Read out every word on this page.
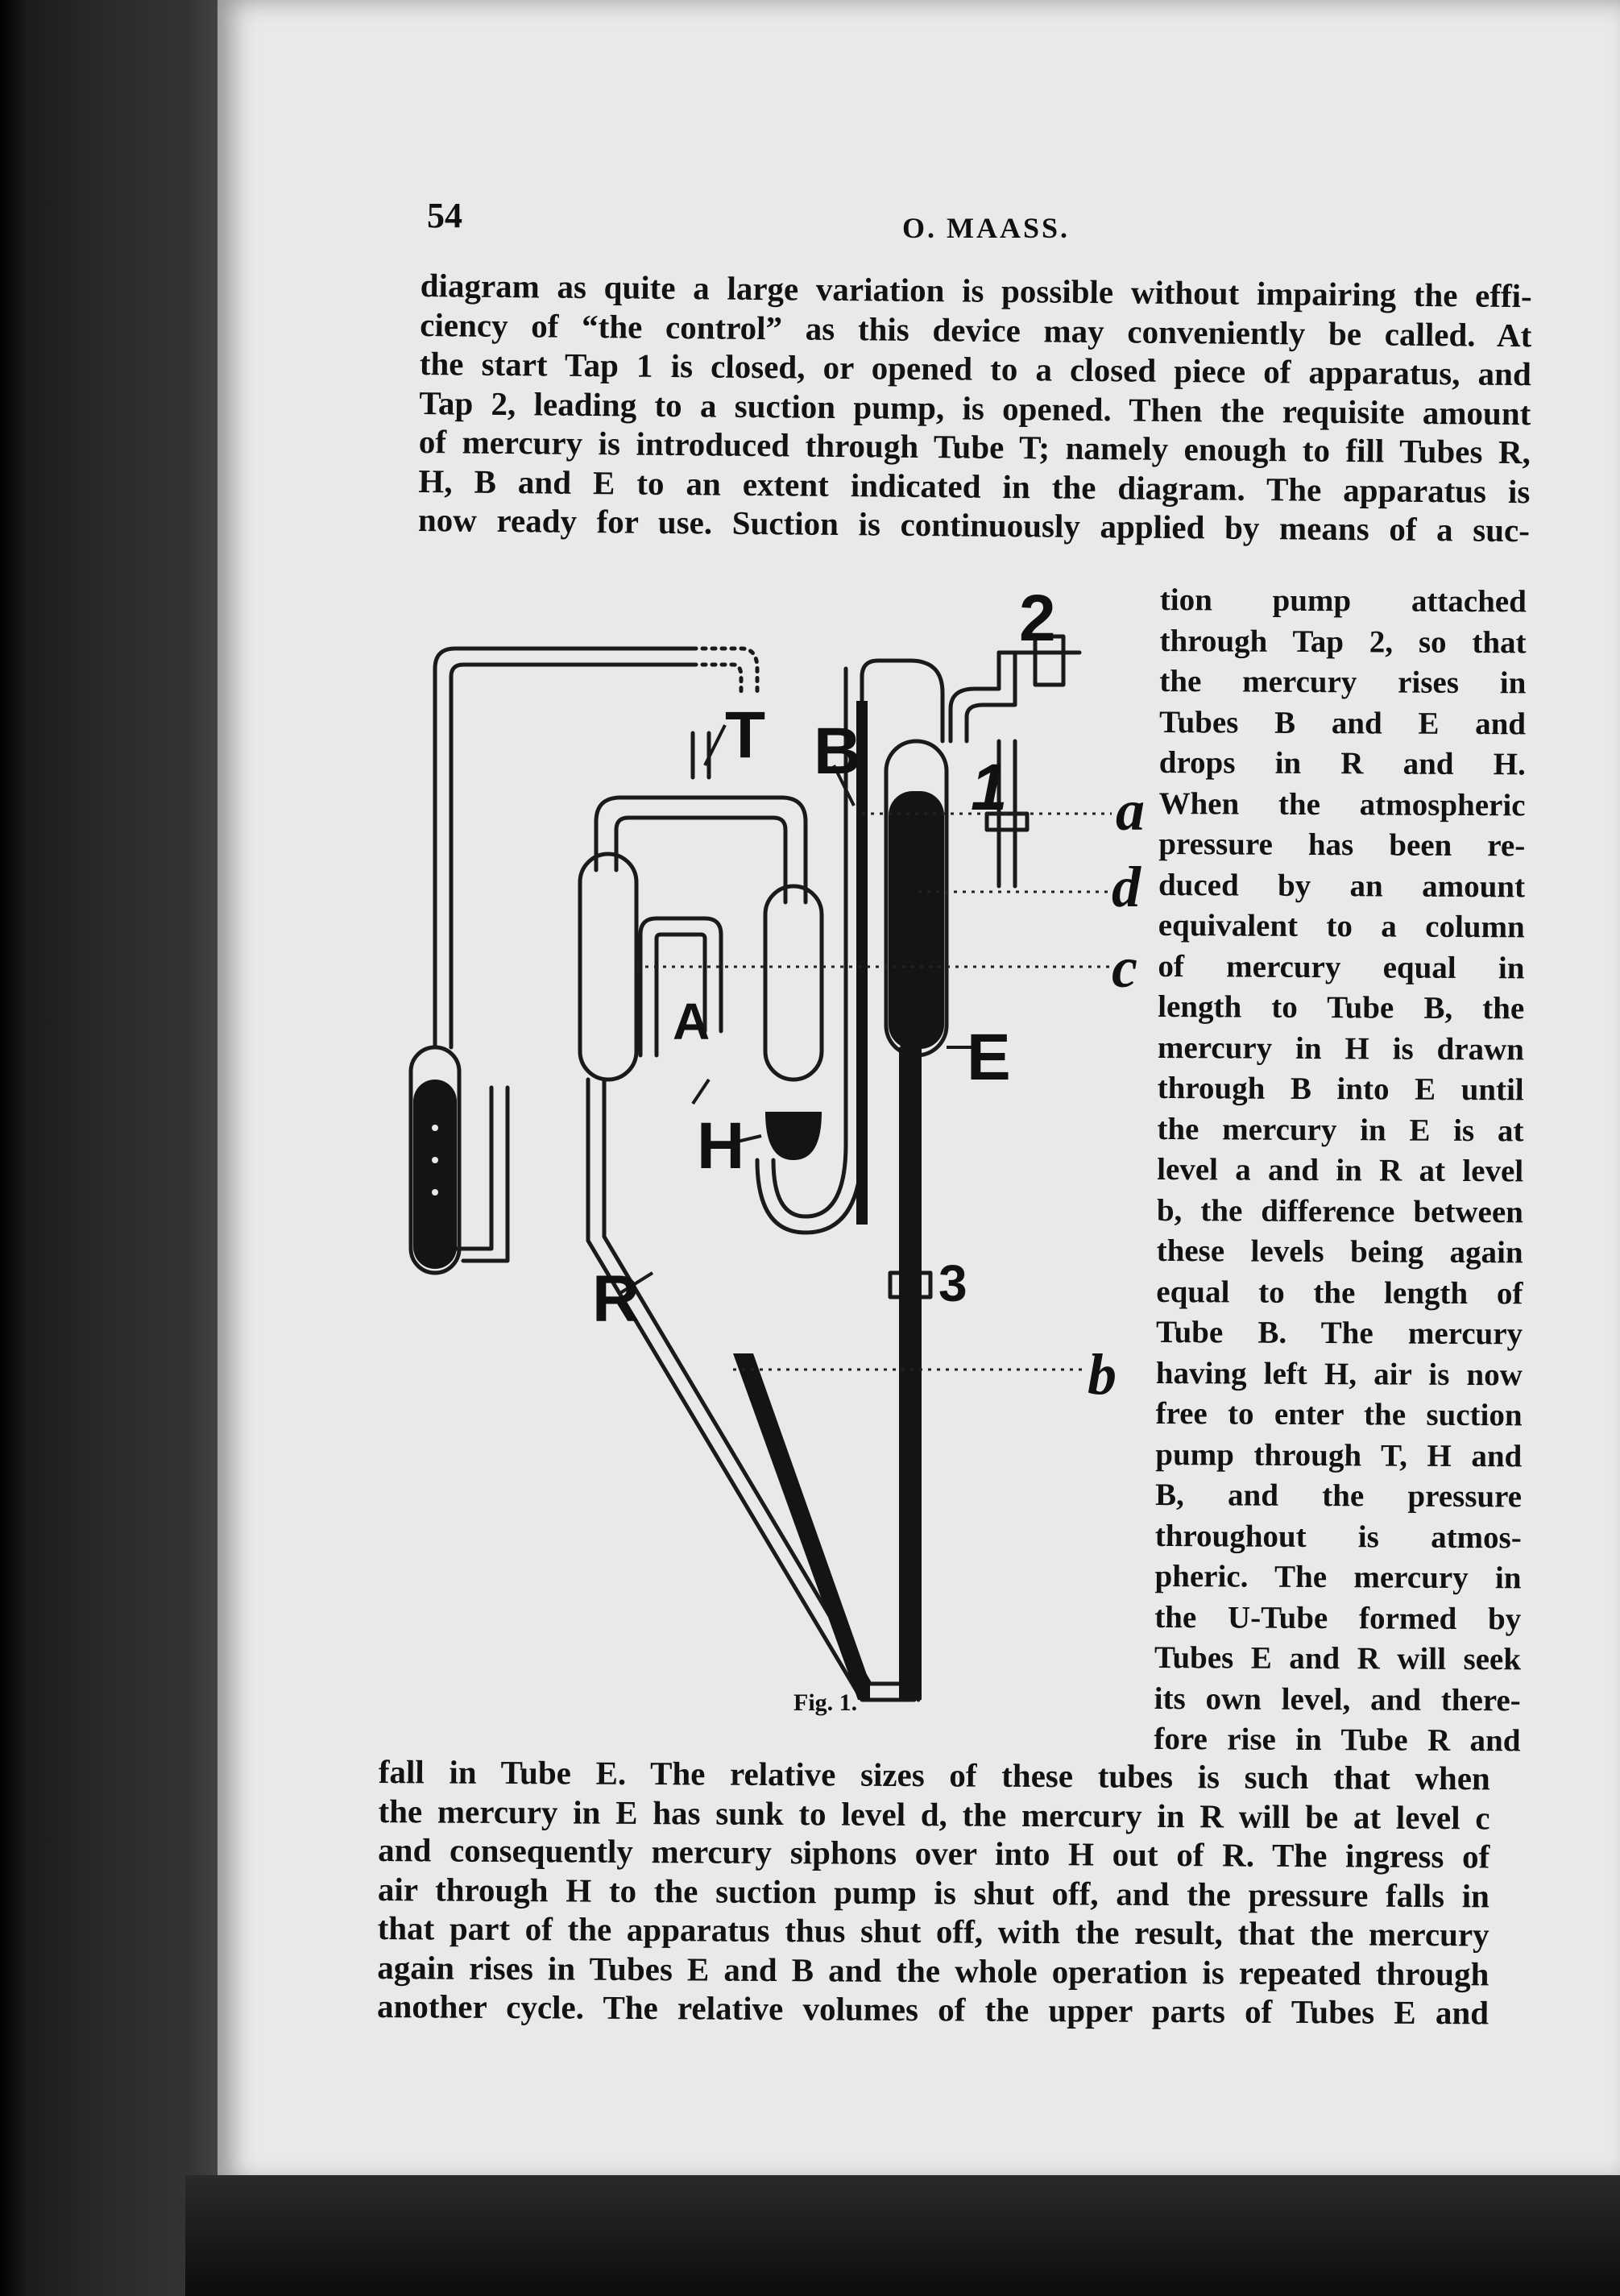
54	O. MAASS.

diagram as quite a large variation is possible without impairing the effi-
ciency of “the control” as this device may conveniently be called. At
the start Tap 1 is closed, or opened to a closed piece of apparatus, and
Tap 2, leading to a suction pump, is opened. Then the requisite amount
of mercury is introduced through Tube T; namely enough to fill Tubes R,
H, B and E to an extent indicated in the diagram. The apparatus is
now ready for use. Suction is continuously applied by means of a suc-
tion pump attached
through Tap 2, so that
the mercury rises in
Tubes B and E and
drops in R and H.
When the atmospheric
pressure has been re-
duced by an amount
equivalent to a column
of mercury equal in
length to Tube B, the
mercury in H is drawn
through B into E until
the mercury in E is at
level a and in R at level
b, the difference between
these levels being again
equal to the length of
Tube B. The mercury
having left H, air is now
free to enter the suction
pump through T, H and
B, and the pressure
throughout is atmos-
pheric. The mercury in
the U-Tube formed by
Tubes E and R will seek
its own level, and there-
fore rise in Tube R and
T B
A
H
E
R
2
1
3
a
d
c
b

Fig. 1.

fall in Tube E. The relative sizes of these tubes is such that when
the mercury in E has sunk to level d, the mercury in R will be at level c
and consequently mercury siphons over into H out of R. The ingress of
air through H to the suction pump is shut off, and the pressure falls in
that part of the apparatus thus shut off, with the result, that the mercury
again rises in Tubes E and B and the whole operation is repeated through
another cycle. The relative volumes of the upper parts of Tubes E and
